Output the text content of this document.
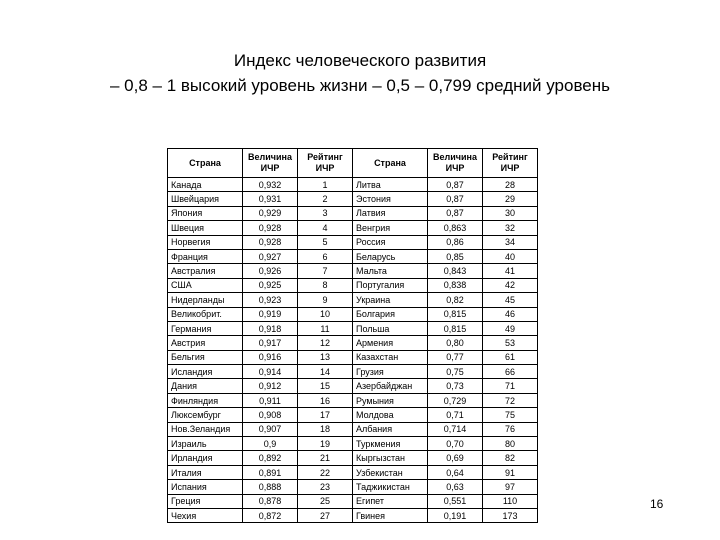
Индекс человеческого развития
– 0,8 – 1 высокий уровень жизни – 0,5 – 0,799 средний уровень
Страна	Величина ИЧР	Рейтинг ИЧР	Страна	Величина ИЧР	Рейтинг ИЧР
Канада	0,932	1	Литва	0,87	28
Швейцария	0,931	2	Эстония	0,87	29
Япония	0,929	3	Латвия	0,87	30
Швеция	0,928	4	Венгрия	0,863	32
Норвегия	0,928	5	Россия	0,86	34
Франция	0,927	6	Беларусь	0,85	40
Австралия	0,926	7	Мальта	0,843	41
США	0,925	8	Португалия	0,838	42
Нидерланды	0,923	9	Украина	0,82	45
Великобрит.	0,919	10	Болгария	0,815	46
Германия	0,918	11	Польша	0,815	49
Австрия	0,917	12	Армения	0,80	53
Бельгия	0,916	13	Казахстан	0,77	61
Исландия	0,914	14	Грузия	0,75	66
Дания	0,912	15	Азербайджан	0,73	71
Финляндия	0,911	16	Румыния	0,729	72
Люксембург	0,908	17	Молдова	0,71	75
Нов.Зеландия	0,907	18	Албания	0,714	76
Израиль	0,9	19	Туркмения	0,70	80
Ирландия	0,892	21	Кыргызстан	0,69	82
Италия	0,891	22	Узбекистан	0,64	91
Испания	0,888	23	Таджикистан	0,63	97
Греция	0,878	25	Египет	0,551	110
Чехия	0,872	27	Гвинея	0,191	173
16
